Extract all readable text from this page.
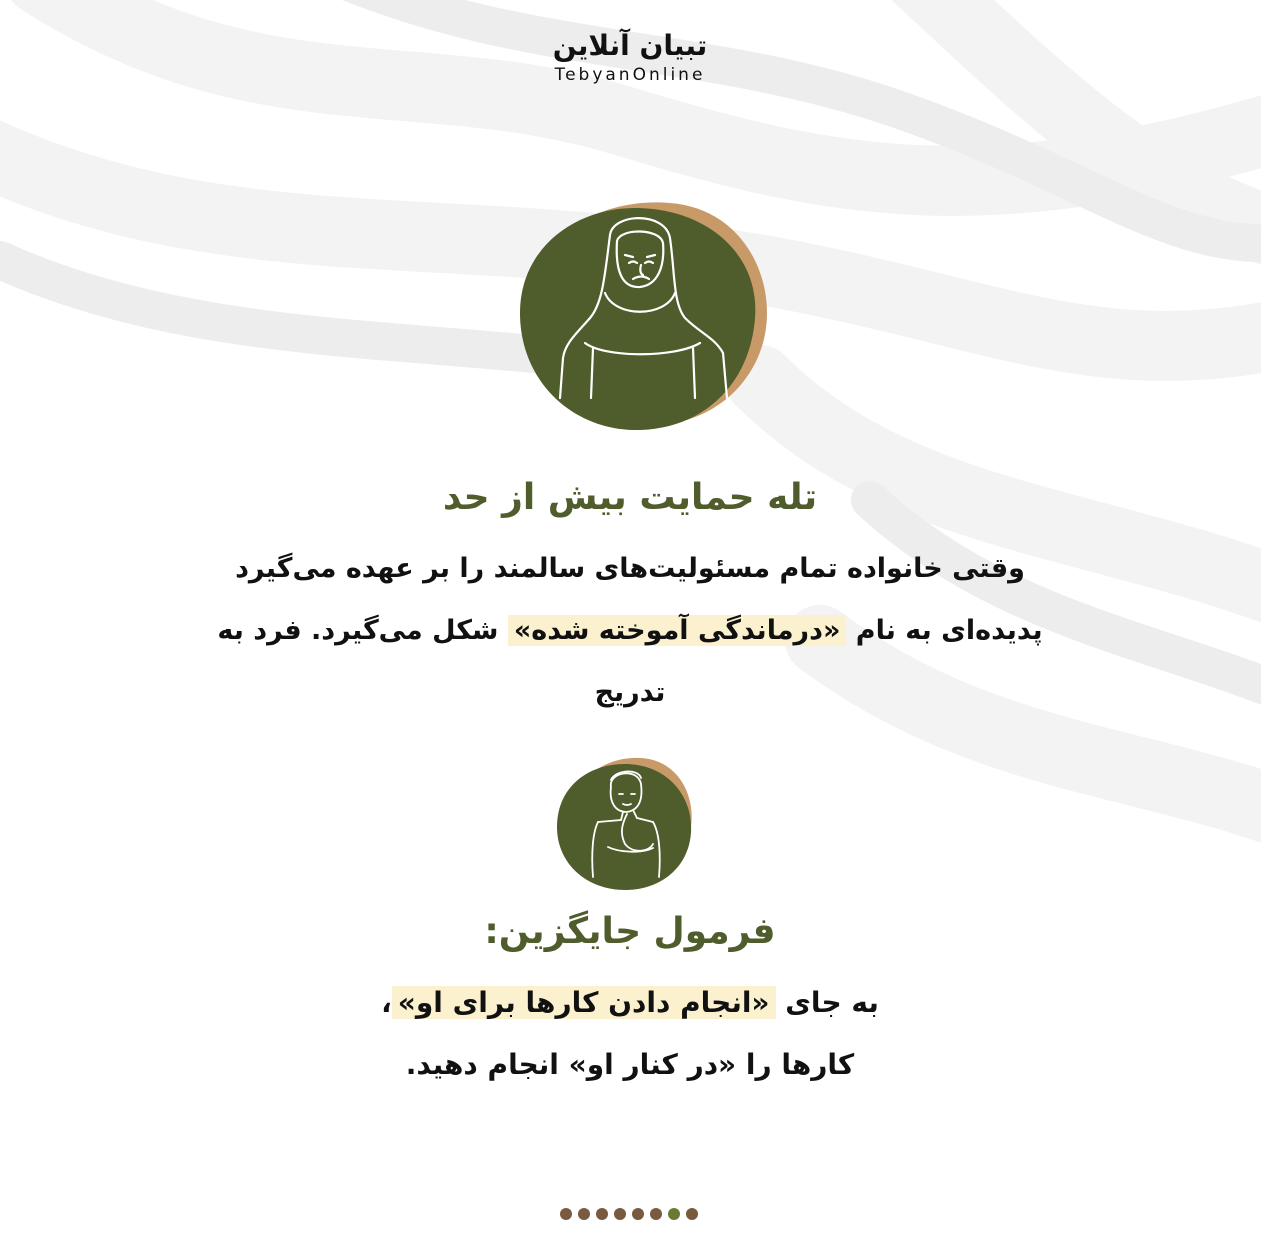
تبیان آنلاین
TebyanOnline
تله حمایت بیش از حد
وقتی خانواده تمام مسئولیت‌های سالمند را بر عهده می‌گیرد
پدیده‌ای به نام «درماندگی آموخته شده» شکل می‌گیرد. فرد به
تدریج
فرمول جایگزین:
به جای «انجام دادن کارها برای او»،
کارها را «در کنار او» انجام دهید.
